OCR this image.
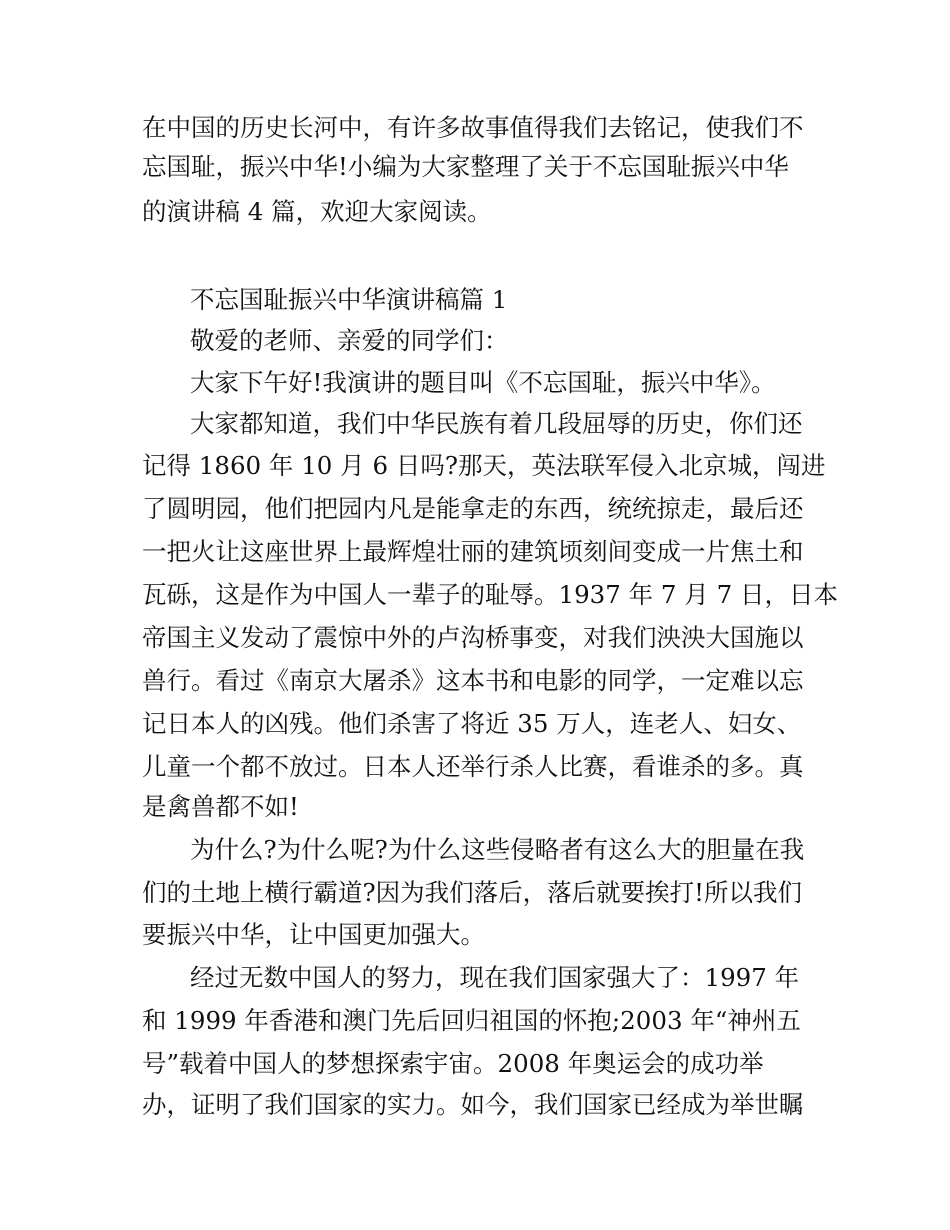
在中国的历史长河中，有许多故事值得我们去铭记，使我们不
忘国耻，振兴中华!小编为大家整理了关于不忘国耻振兴中华
的演讲稿 4 篇，欢迎大家阅读。
不忘国耻振兴中华演讲稿篇 1
敬爱的老师、亲爱的同学们：
大家下午好!我演讲的题目叫《不忘国耻，振兴中华》。
大家都知道，我们中华民族有着几段屈辱的历史，你们还
记得 1860 年 10 月 6 日吗?那天，英法联军侵入北京城，闯进
了圆明园，他们把园内凡是能拿走的东西，统统掠走，最后还
一把火让这座世界上最辉煌壮丽的建筑顷刻间变成一片焦土和
瓦砾，这是作为中国人一辈子的耻辱。1937 年 7 月 7 日，日本
帝国主义发动了震惊中外的卢沟桥事变，对我们泱泱大国施以
兽行。看过《南京大屠杀》这本书和电影的同学，一定难以忘
记日本人的凶残。他们杀害了将近 35 万人，连老人、妇女、
儿童一个都不放过。日本人还举行杀人比赛，看谁杀的多。真
是禽兽都不如!
为什么?为什么呢?为什么这些侵略者有这么大的胆量在我
们的土地上横行霸道?因为我们落后，落后就要挨打!所以我们
要振兴中华，让中国更加强大。
经过无数中国人的努力，现在我们国家强大了：1997 年
和 1999 年香港和澳门先后回归祖国的怀抱;2003 年“神州五
号”载着中国人的梦想探索宇宙。2008 年奥运会的成功举
办，证明了我们国家的实力。如今，我们国家已经成为举世瞩
